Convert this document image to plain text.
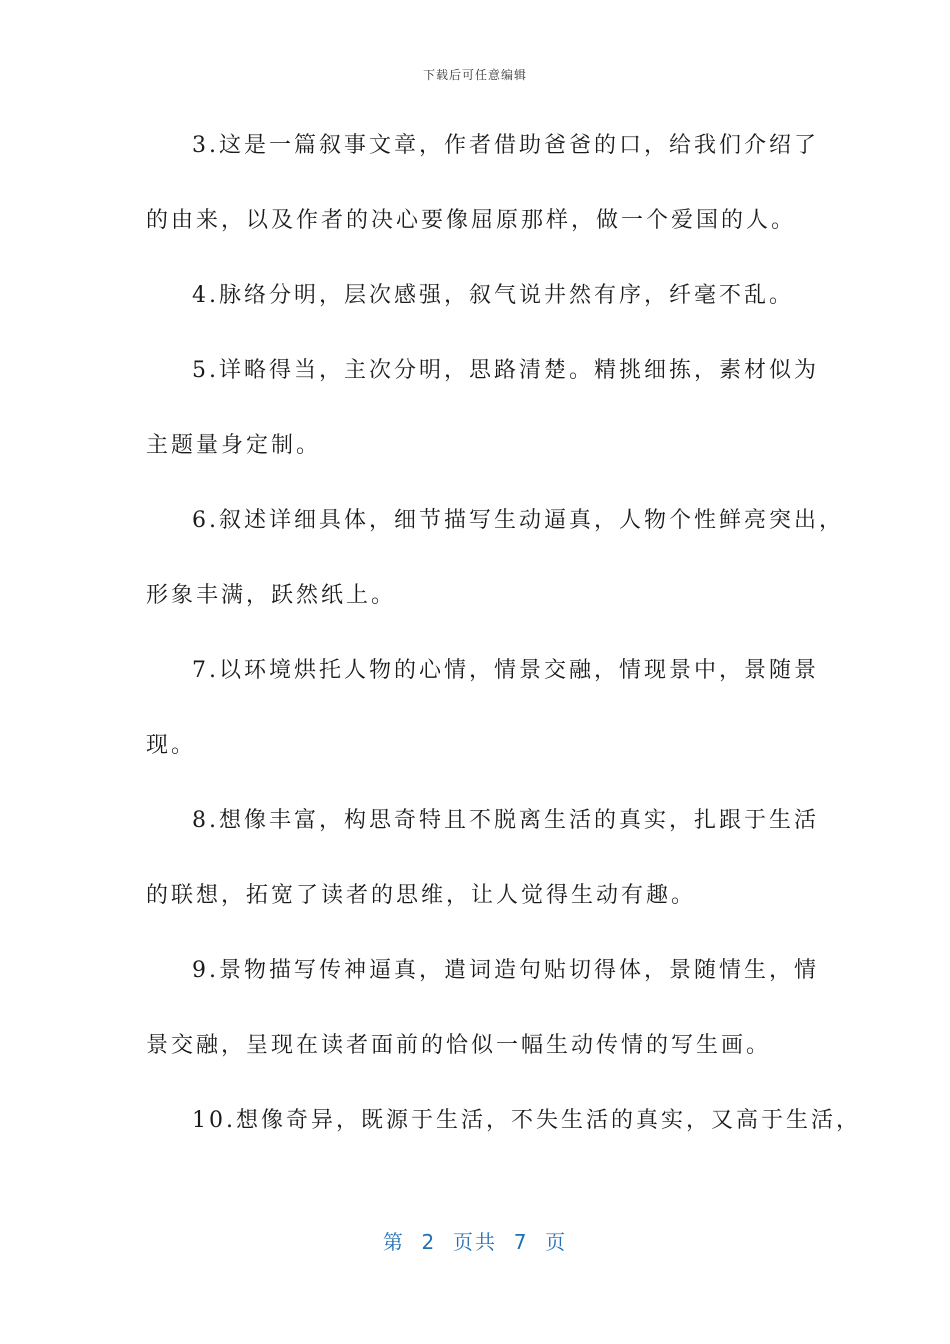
下载后可任意编辑
3.这是一篇叙事文章，作者借助爸爸的口，给我们介绍了
的由来，以及作者的决心要像屈原那样，做一个爱国的人。
4.脉络分明，层次感强，叙气说井然有序，纤毫不乱。
5.详略得当，主次分明，思路清楚。精挑细拣，素材似为
主题量身定制。
6.叙述详细具体，细节描写生动逼真，人物个性鲜亮突出，
形象丰满，跃然纸上。
7.以环境烘托人物的心情，情景交融，情现景中，景随景
现。
8.想像丰富，构思奇特且不脱离生活的真实，扎跟于生活
的联想，拓宽了读者的思维，让人觉得生动有趣。
9.景物描写传神逼真，遣词造句贴切得体，景随情生，情
景交融，呈现在读者面前的恰似一幅生动传情的写生画。
10.想像奇异，既源于生活，不失生活的真实，又高于生活，
第  2  页共  7  页
